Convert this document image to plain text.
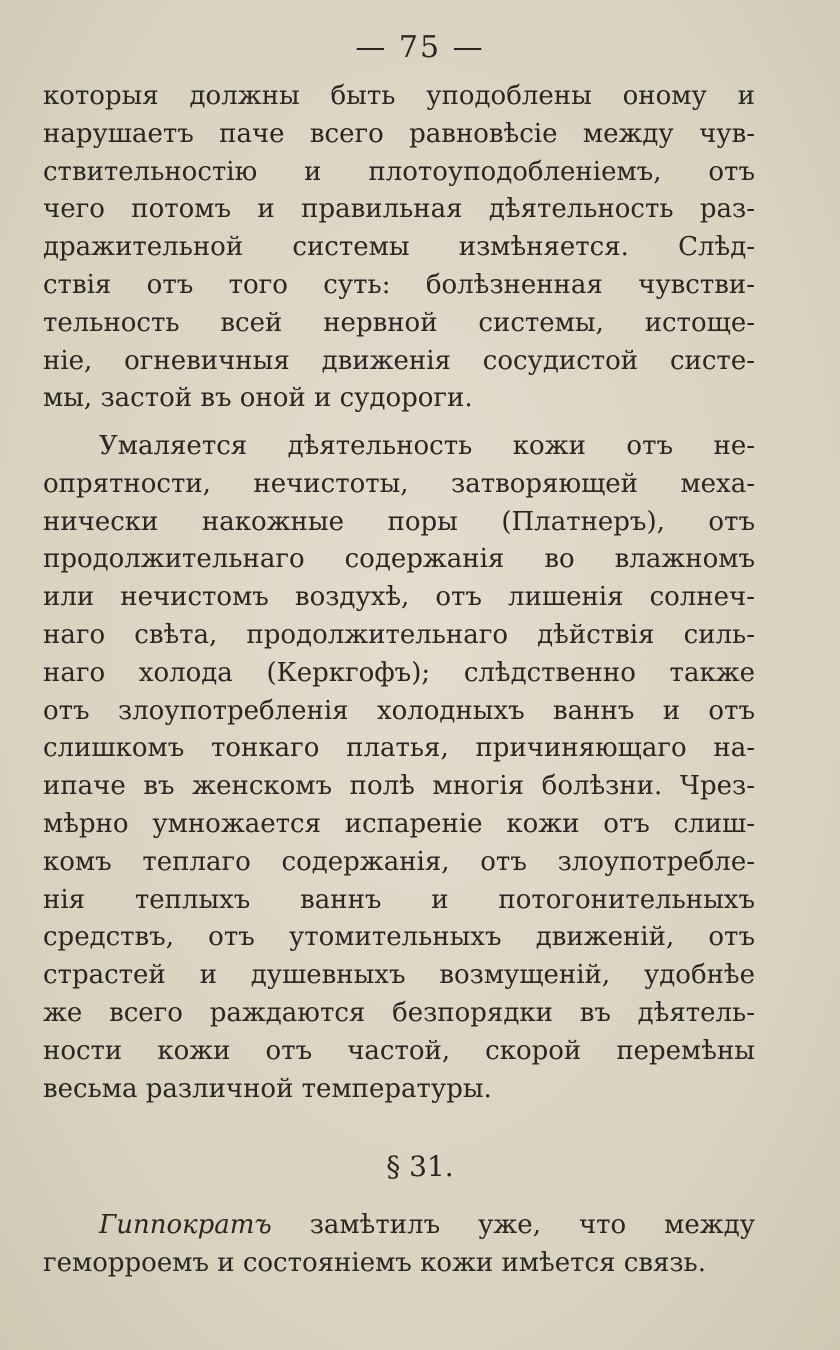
— 75 —
которыя должны быть уподоблены оному и
нарушаетъ паче всего равновѣсіе между чув-
ствительностію и плотоуподобленіемъ, отъ
чего потомъ и правильная дѣятельность раз-
дражительной системы измѣняется. Слѣд-
ствія отъ того суть: болѣзненная чувстви-
тельность всей нервной системы, истоще-
ніе, огневичныя движенія сосудистой систе-
мы, застой въ оной и судороги.
Умаляется дѣятельность кожи отъ не-
опрятности, нечистоты, затворяющей меха-
нически накожные поры (Платнеръ), отъ
продолжительнаго содержанія во влажномъ
или нечистомъ воздухѣ, отъ лишенія солнеч-
наго свѣта, продолжительнаго дѣйствія силь-
наго холода (Керкгофъ); слѣдственно также
отъ злоупотребленія холодныхъ ваннъ и отъ
слишкомъ тонкаго платья, причиняющаго на-
ипаче въ женскомъ полѣ многія болѣзни. Чрез-
мѣрно умножается испареніе кожи отъ слиш-
комъ теплаго содержанія, отъ злоупотребле-
нія теплыхъ ваннъ и потогонительныхъ
средствъ, отъ утомительныхъ движеній, отъ
страстей и душевныхъ возмущеній, удобнѣе
же всего раждаются безпорядки въ дѣятель-
ности кожи отъ частой, скорой перемѣны
весьма различной температуры.
§ 31.
Гиппократъ замѣтилъ уже, что между
геморроемъ и состояніемъ кожи имѣется связь.
